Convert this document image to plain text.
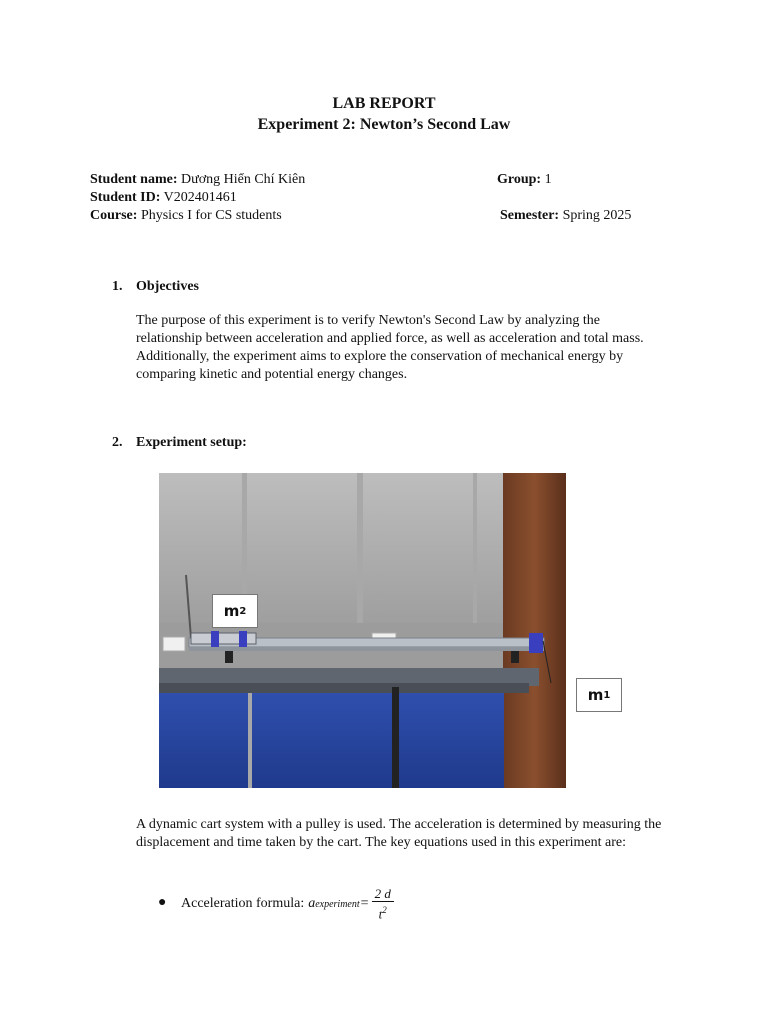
LAB REPORT
Experiment 2: Newton’s Second Law
Student name: Dương Hiển Chí Kiên	Group: 1
Student ID: V202401461
Course: Physics I for CS students	Semester: Spring 2025
1. Objectives
The purpose of this experiment is to verify Newton's Second Law by analyzing the relationship between acceleration and applied force, as well as acceleration and total mass. Additionally, the experiment aims to explore the conservation of mechanical energy by comparing kinetic and potential energy changes.
2. Experiment setup:
m 2
m 1
A dynamic cart system with a pulley is used. The acceleration is determined by measuring the displacement and time taken by the cart. The key equations used in this experiment are:
● Acceleration formula: a experiment = $\frac{2 d}{t^2}$
